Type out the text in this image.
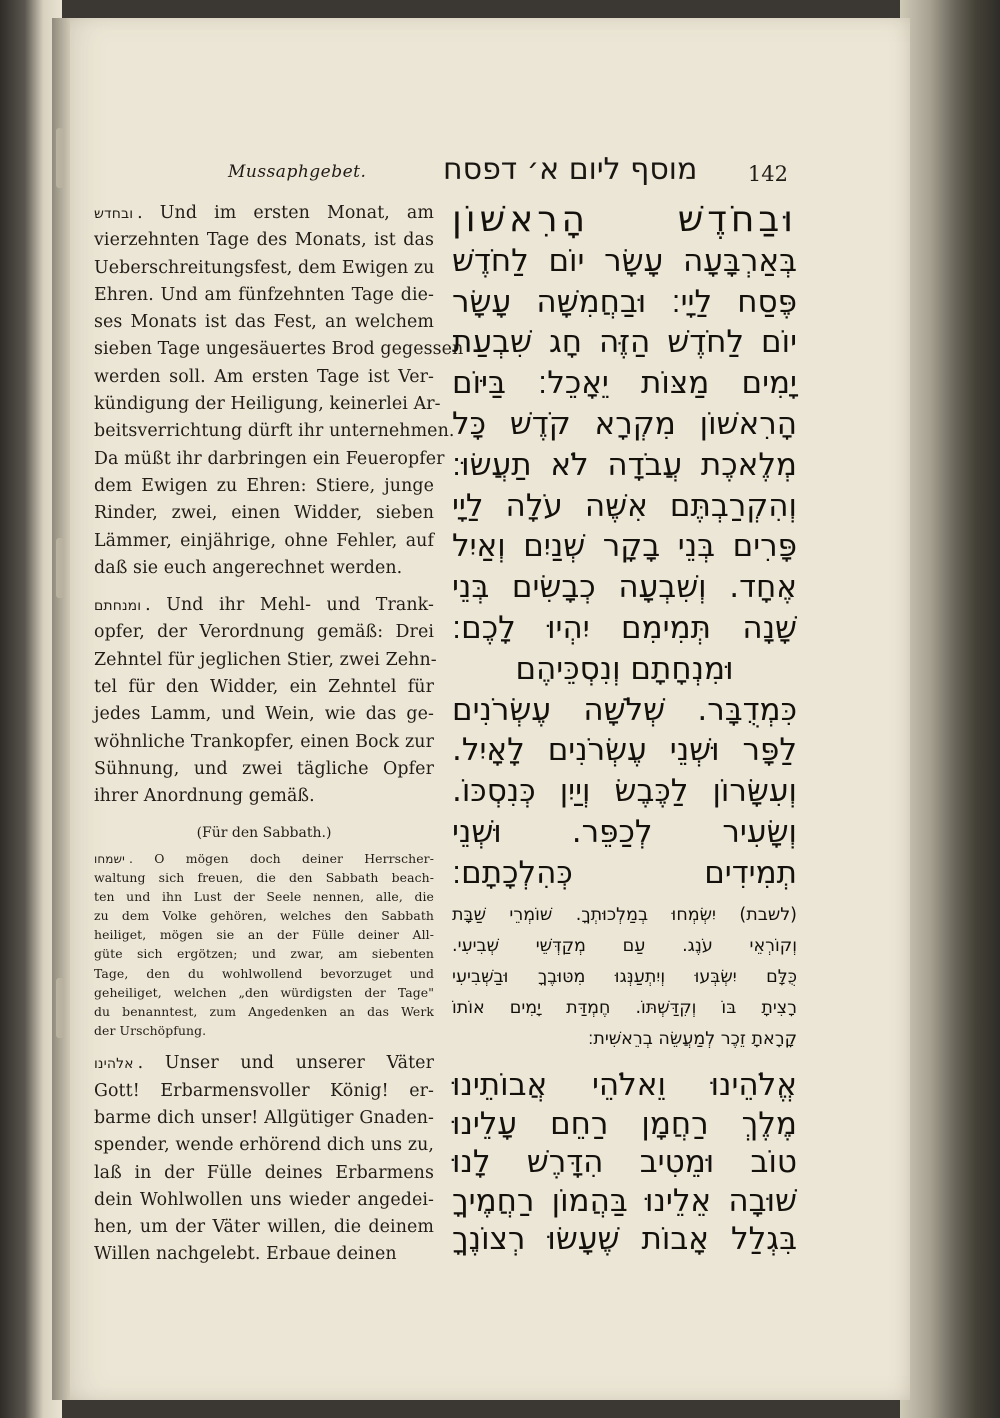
Mussaphgebet.	מוסף ליום א׳ דפסח 142
ובחדש . Und im ersten Monat, am
vierzehnten Tage des Monats, ist das
Ueberschreitungsfest, dem Ewigen zu
Ehren. Und am fünfzehnten Tage die-
ses Monats ist das Fest, an welchem
sieben Tage ungesäuertes Brod gegessen
werden soll. Am ersten Tage ist Ver-
kündigung der Heiligung, keinerlei Ar-
beitsverrichtung dürft ihr unternehmen.
Da müßt ihr darbringen ein Feueropfer
dem Ewigen zu Ehren: Stiere, junge
Rinder, zwei, einen Widder, sieben
Lämmer, einjährige, ohne Fehler, auf
daß sie euch angerechnet werden.
ומנחתם . Und ihr Mehl- und Trank-
opfer, der Verordnung gemäß: Drei
Zehntel für jeglichen Stier, zwei Zehn-
tel für den Widder, ein Zehntel für
jedes Lamm, und Wein, wie das ge-
wöhnliche Trankopfer, einen Bock zur
Sühnung, und zwei tägliche Opfer
ihrer Anordnung gemäß.
(Für den Sabbath.)
ישמחו . O mögen doch deiner Herrscher-
waltung sich freuen, die den Sabbath beach-
ten und ihn Lust der Seele nennen, alle, die
zu dem Volke gehören, welches den Sabbath
heiliget, mögen sie an der Fülle deiner All-
güte sich ergötzen; und zwar, am siebenten
Tage, den du wohlwollend bevorzuget und
geheiliget, welchen „den würdigsten der Tage"
du benanntest, zum Angedenken an das Werk
der Urschöpfung.
אלהינו . Unser und unserer Väter
Gott! Erbarmensvoller König! er-
barme dich unser! Allgütiger Gnaden-
spender, wende erhörend dich uns zu,
laß in der Fülle deines Erbarmens
dein Wohlwollen uns wieder angedei-
hen, um der Väter willen, die deinem
Willen nachgelebt. Erbaue deinen
וּבַחֹדֶשׁ הָרִאשׁוֹן
בְּאַרְבָּעָה עָשָׂר יוֹם לַחֹדֶשׁ
פֶּסַח לַיָי׃ וּבַחֲמִשָּׁה עָשָׂר
יוֹם לַחֹדֶשׁ הַזֶּה חָג שִׁבְעַת
יָמִים מַצּוֹת יֵאָכֵל׃ בַּיּוֹם
הָרִאשׁוֹן מִקְרָא קֹדֶשׁ כָּל
מְלֶאכֶת עֲבֹדָה לֹא תַעֲשׂוּ׃
וְהִקְרַבְתֶּם אִשֶּׁה עֹלָה לַיָי
פָּרִים בְּנֵי בָקָר שְׁנַיִם וְאַיִל
אֶחָד. וְשִׁבְעָה כְבָשִׂים בְּנֵי
שָׁנָה תְּמִימִם יִהְיוּ לָכֶם׃
וּמִנְחָתָם וְנִסְכֵּיהֶם
כִּמְדֻבָּר. שְׁלֹשָׁה עֶשְׂרֹנִים
לַפָּר וּשְׁנֵי עֶשְׂרֹנִים לָאָיִל.
וְעִשָּׂרוֹן לַכֶּבֶשׂ וְיַיִן כְּנִסְכּוֹ.
וְשָׂעִיר לְכַפֵּר. וּשְׁנֵי
תְמִידִים כְּהִלְכָתָם׃
(לשבת) יִשְׂמְחוּ בְמַלְכוּתְךָ. שׁוֹמְרֵי שַׁבָּת
וְקוֹרְאֵי עֹנֶג. עַם מְקַדְּשֵׁי שְׁבִיעִי.
כֻּלָּם יִשְׂבְּעוּ וְיִתְעַנְּגוּ מִטּוּבֶךָ וּבַשְּׁבִיעִי
רָצִיתָ בּוֹ וְקִדַּשְׁתּוֹ. חֶמְדַּת יָמִים אוֹתוֹ
קָרָאתָ זֵכֶר לְמַעֲשֵׂה בְרֵאשִׁית׃
אֱלֹהֵינוּ וֵאלֹהֵי אֲבוֹתֵינוּ
מֶלֶךְ רַחֲמָן רַחֵם עָלֵינוּ
טוֹב וּמֵטִיב הִדָּרֶשׁ לָנוּ
שׁוּבָה אֵלֵינוּ בַּהֲמוֹן רַחֲמֶיךָ
בִּגְלַל אָבוֹת שֶׁעָשׂוּ רְצוֹנֶךָ
